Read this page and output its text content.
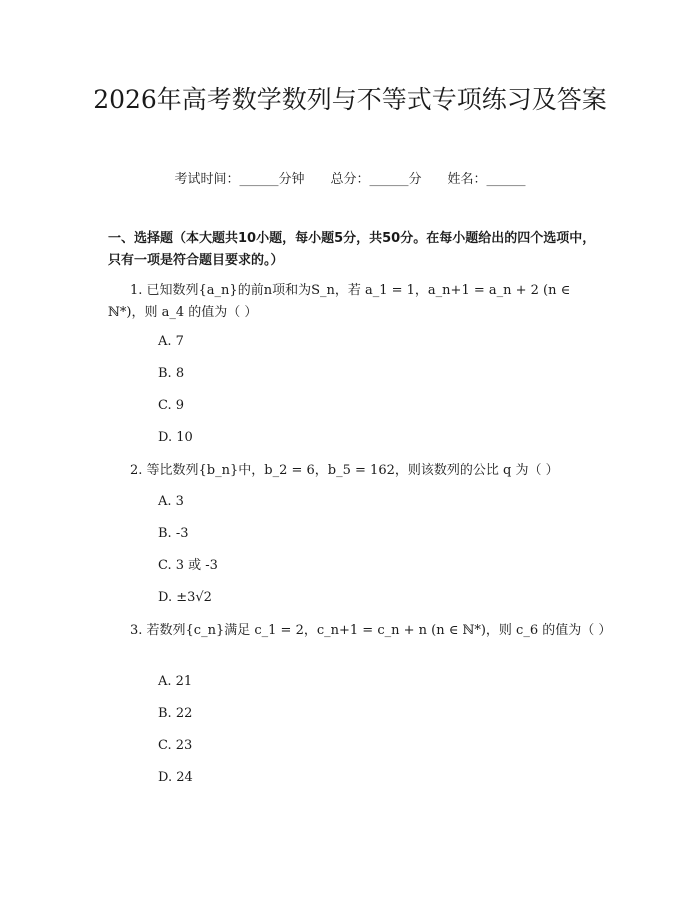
2026年高考数学数列与不等式专项练习及答案
考试时间：______分钟 总分：______分 姓名：______
一、选择题（本大题共10小题，每小题5分，共50分。在每小题给出的四个选项中，只有一项是符合题目要求的。）
1. 已知数列{a_n}的前n项和为S_n，若 a_1 = 1，a_n+1 = a_n + 2 (n ∈ ℕ*)，则 a_4 的值为（ ）
A. 7
B. 8
C. 9
D. 10
2. 等比数列{b_n}中，b_2 = 6，b_5 = 162，则该数列的公比 q 为（ ）
A. 3
B. -3
C. 3 或 -3
D. ±3√2
3. 若数列{c_n}满足 c_1 = 2，c_n+1 = c_n + n (n ∈ ℕ*)，则 c_6 的值为（ ）
A. 21
B. 22
C. 23
D. 24
